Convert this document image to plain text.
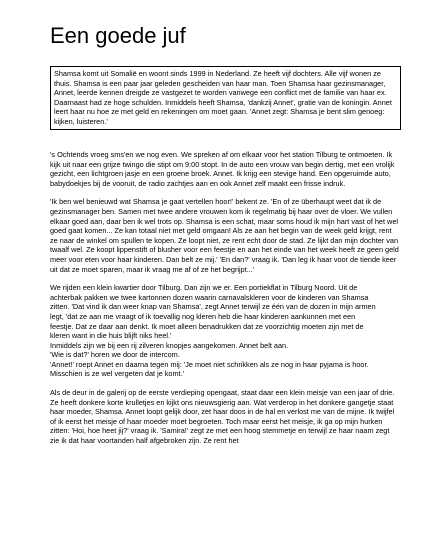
Een goede juf
Shamsa komt uit Somalië en woont sinds 1999 in Nederland. Ze heeft vijf dochters. Alle vijf wonen ze thuis. Shamsa is een paar jaar geleden gescheiden van haar man. Toen Shamsa haar gezinsmanager, Annet, leerde kennen dreigde ze vastgezet te worden vanwege een conflict met de familie van haar ex. Daarnaast had ze hoge schulden. Inmiddels heeft Shamsa, 'dankzij Annet', gratie van de koningin. Annet leert haar nu hoe ze met geld en rekeningen om moet gaan. 'Annet zegt: Shamsa je bent slim genoeg: kijken, luisteren.'

's Ochtends vroeg sms'en we nog even. We spreken af om elkaar voor het station Tilburg te ontmoeten. Ik kijk uit naar een grijze twingo die stipt om 9:00 stopt. In de auto een vrouw van begin dertig, met een vrolijk gezicht, een lichtgroen jasje en een groene broek. Annet. Ik krijg een stevige hand. Een opgeruimde auto, babydoekjes bij de vooruit, de radio zachtjes aan en ook Annet zelf maakt een frisse indruk.

'Ik ben wel benieuwd wat Shamsa je gaat vertellen hoor!' bekent ze. 'En of ze überhaupt weet dat ik de gezinsmanager ben. Samen met twee andere vrouwen kom ik regelmatig bij haar over de vloer. We vullen elkaar goed aan, daar ben ik wel trots op. Shamsa is een schat, maar soms houd ik mijn hart vast of het wel goed gaat komen... Ze kan totaal niet met geld omgaan! Als ze aan het begin van de week geld krijgt, rent ze naar de winkel om spullen te kopen. Ze loopt niet, ze rent echt door de stad. Ze lijkt dan mijn dochter van twaalf wel. Ze koopt lippenstift of blusher voor een feestje en aan het einde van het week heeft ze geen geld meer voor eten voor haar kinderen. Dan belt ze mij.' 'En dan?' vraag ik. 'Dan leg ik haar voor de tiende keer uit dat ze moet sparen, maar ik vraag me af of ze het begrijpt...'

We rijden een klein kwartier door Tilburg. Dan zijn we er. Een portiekflat in Tilburg Noord. Uit de
achterbak pakken we twee kartonnen dozen waarin carnavalskleren voor de kinderen van Shamsa
zitten. 'Dat vind ik dan weer knap van Shamsa', zegt Annet terwijl ze één van de dozen in mijn armen
legt, 'dat ze aan me vraagt of ik toevallig nog kleren heb die haar kinderen aankunnen met een
feestje. Dat ze daar aan denkt. Ik moet alleen benadrukken dat ze voorzichtig moeten zijn met de
kleren want in die huis blijft niks heel.'
Inmiddels zijn we bij een rij zilveren knopjes aangekomen. Annet belt aan.
'Wie is dat?' horen we door de intercom.
'Annet!' roept Annet en daarna tegen mij: 'Je moet niet schrikken als ze nog in haar pyjama is hoor.
Misschien is ze wel vergeten dat je komt.'

Als de deur in de galerij op de eerste verdieping opengaat, staat daar een klein meisje van een jaar of drie. Ze heeft donkere korte krulletjes en kijkt ons nieuwsgierig aan. Wat verderop in het donkere gangetje staat haar moeder, Shamsa. Annet loopt gelijk door, zet haar doos in de hal en verlost me van de mijne. Ik twijfel of ik eerst het meisje of haar moeder moet begroeten. Toch maar eerst het meisje, ik ga op mijn hurken zitten: 'Hoi, hoe heet jij?' vraag ik. 'Samira!' zegt ze met een hoog stemmetje en terwijl ze haar naam zegt zie ik dat haar voortanden half afgebroken zijn. Ze rent het
